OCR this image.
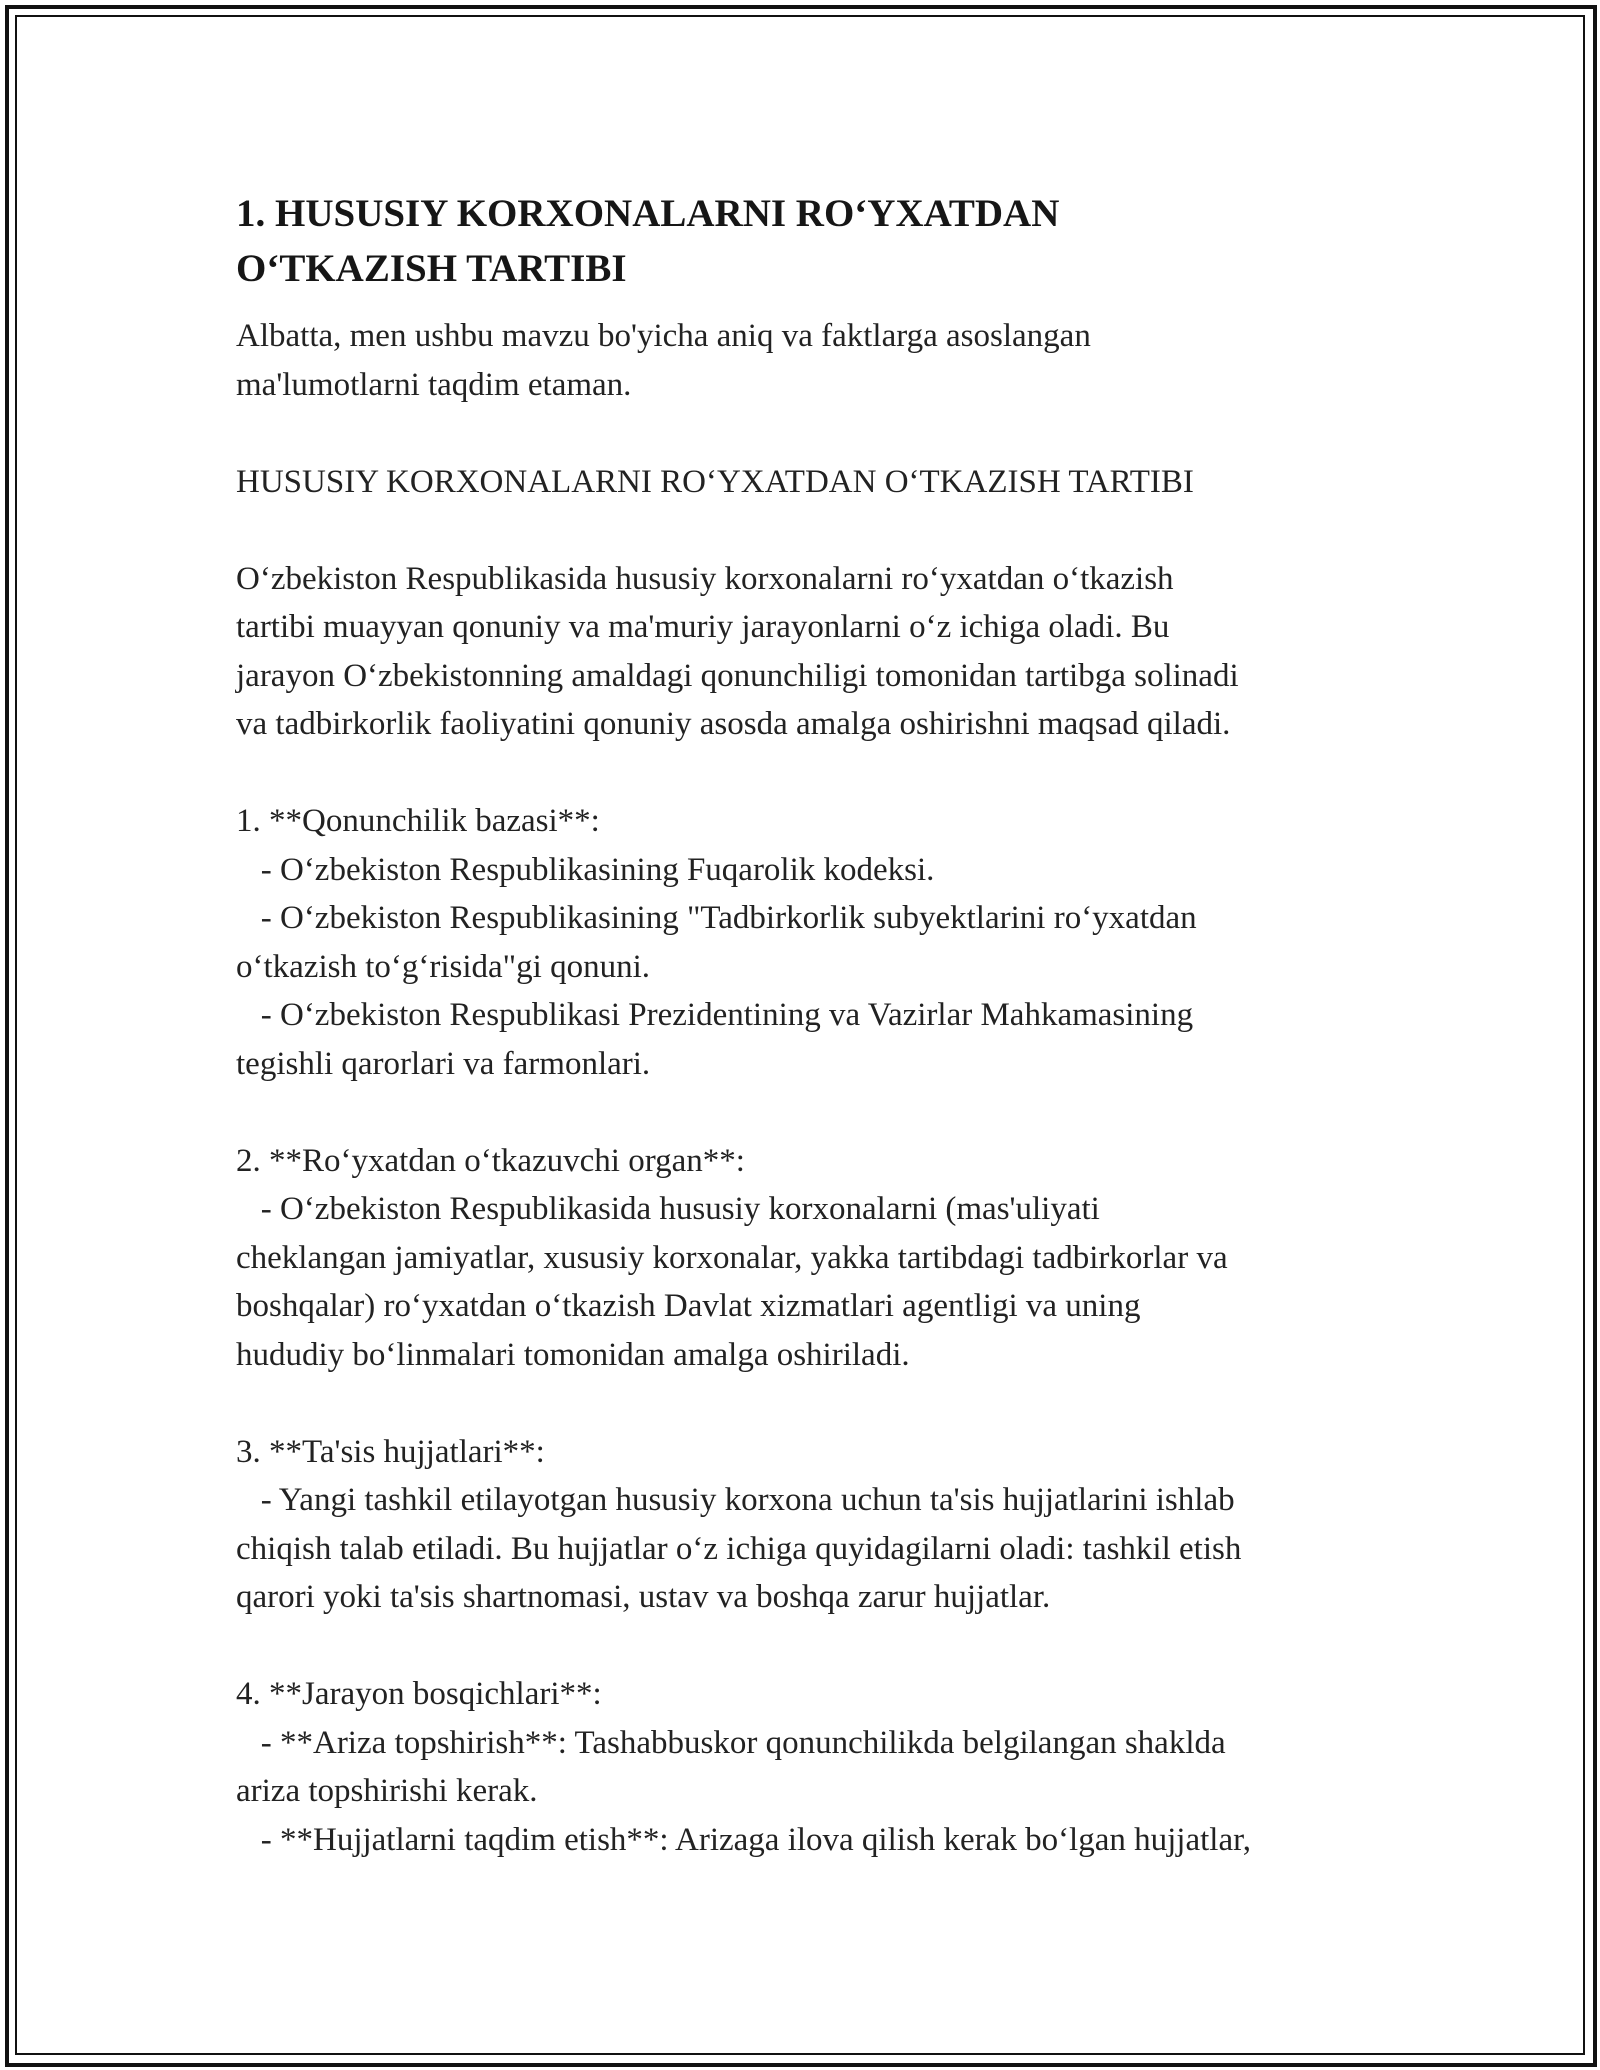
1. HUSUSIY KORXONALARNI ROʻYXATDAN
OʻTKAZISH TARTIBI

Albatta, men ushbu mavzu bo'yicha aniq va faktlarga asoslangan
ma'lumotlarni taqdim etaman.

HUSUSIY KORXONALARNI ROʻYXATDAN OʻTKAZISH TARTIBI

Oʻzbekiston Respublikasida hususiy korxonalarni roʻyxatdan oʻtkazish
tartibi muayyan qonuniy va ma'muriy jarayonlarni oʻz ichiga oladi. Bu
jarayon Oʻzbekistonning amaldagi qonunchiligi tomonidan tartibga solinadi
va tadbirkorlik faoliyatini qonuniy asosda amalga oshirishni maqsad qiladi.

1. **Qonunchilik bazasi**:
- Oʻzbekiston Respublikasining Fuqarolik kodeksi.
- Oʻzbekiston Respublikasining "Tadbirkorlik subyektlarini roʻyxatdan
oʻtkazish toʻgʻrisida"gi qonuni.
- Oʻzbekiston Respublikasi Prezidentining va Vazirlar Mahkamasining
tegishli qarorlari va farmonlari.

2. **Roʻyxatdan oʻtkazuvchi organ**:
- Oʻzbekiston Respublikasida hususiy korxonalarni (mas'uliyati
cheklangan jamiyatlar, xususiy korxonalar, yakka tartibdagi tadbirkorlar va
boshqalar) roʻyxatdan oʻtkazish Davlat xizmatlari agentligi va uning
hududiy boʻlinmalari tomonidan amalga oshiriladi.

3. **Ta'sis hujjatlari**:
- Yangi tashkil etilayotgan hususiy korxona uchun ta'sis hujjatlarini ishlab
chiqish talab etiladi. Bu hujjatlar oʻz ichiga quyidagilarni oladi: tashkil etish
qarori yoki ta'sis shartnomasi, ustav va boshqa zarur hujjatlar.

4. **Jarayon bosqichlari**:
- **Ariza topshirish**: Tashabbuskor qonunchilikda belgilangan shaklda
ariza topshirishi kerak.
- **Hujjatlarni taqdim etish**: Arizaga ilova qilish kerak boʻlgan hujjatlar,
